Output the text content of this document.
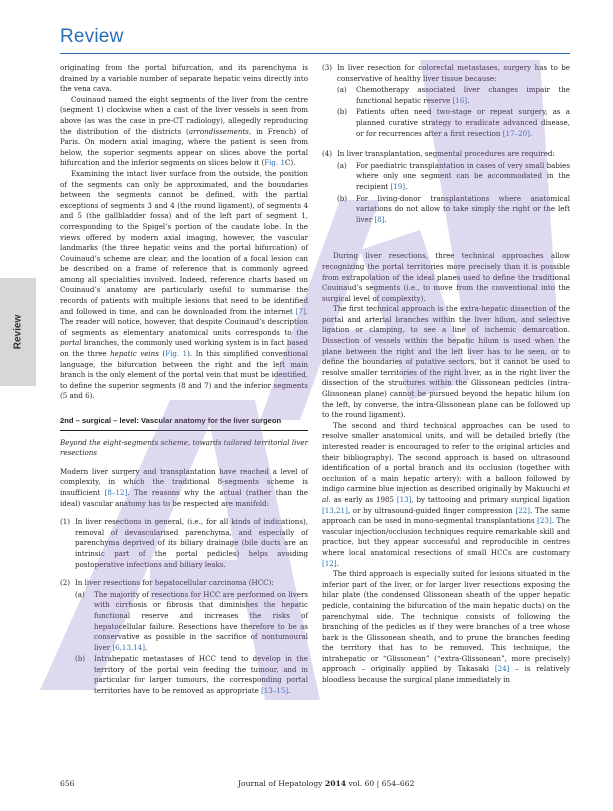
Review
Review

originating from the portal bifurcation, and its parenchyma is drained by a variable number of separate hepatic veins directly into the vena cava.

Couinaud named the eight segments of the liver from the centre (segment 1) clockwise when a cast of the liver vessels is seen from above (as was the case in pre-CT radiology), allegedly reproducing the distribution of the districts (arrondissements, in French) of Paris. On modern axial imaging, where the patient is seen from below, the superior segments appear on slices above the portal bifurcation and the inferior segments on slices below it (Fig. 1C).

Examining the intact liver surface from the outside, the position of the segments can only be approximated, and the boundaries between the segments cannot be defined, with the partial exceptions of segments 3 and 4 (the round ligament), of segments 4 and 5 (the gallbladder fossa) and of the left part of segment 1, corresponding to the Spigel’s portion of the caudate lobe. In the views offered by modern axial imaging, however, the vascular landmarks (the three hepatic veins and the portal bifurcation) of Couinaud’s scheme are clear, and the location of a focal lesion can be described on a frame of reference that is commonly agreed among all specialities involved. Indeed, reference charts based on Couinaud’s anatomy are particularly useful to summarise the records of patients with multiple lesions that need to be identified and followed in time, and can be downloaded from the internet [7]. The reader will notice, however, that despite Couinaud’s description of segments as elementary anatomical units corresponds to the portal branches, the commonly used working system is in fact based on the three hepatic veins (Fig. 1). In this simplified conventional language, the bifurcation between the right and the left main branch is the only element of the portal vein that must be identified, to define the superior segments (8 and 7) and the inferior segments (5 and 6).

2nd – surgical – level: Vascular anatomy for the liver surgeon

Beyond the eight-segments scheme, towards tailored territorial liver resections

Modern liver surgery and transplantation have reached a level of complexity, in which the traditional 8-segments scheme is insufficient [8–12]. The reasons why the actual (rather than the ideal) vascular anatomy has to be respected are manifold:

(1) In liver resections in general, (i.e., for all kinds of indications), removal of devascularised parenchyma, and especially of parenchyma deprived of its biliary drainage (bile ducts are an intrinsic part of the portal pedicles) helps avoiding postoperative infections and biliary leaks.

(2) In liver resections for hepatocellular carcinoma (HCC):

(a)	The majority of resections for HCC are performed on livers with cirrhosis or fibrosis that diminishes the hepatic functional reserve and increases the risks of hepatocellular failure. Resections have therefore to be as conservative as possible in the sacrifice of nontumoural liver [6,13,14].
(b)	Intrahepatic metastases of HCC tend to develop in the territory of the portal vein feeding the tumour, and in particular for larger tumours, the corresponding portal territories have to be removed as appropriate [13–15].
(3) In liver resection for colorectal metastases, surgery has to be conservative of healthy liver tissue because:

(a)	Chemotherapy associated liver changes impair the functional hepatic reserve [16].
(b)	Patients often need two-stage or repeat surgery, as a planned curative strategy to eradicate advanced disease, or for recurrences after a first resection [17–20].
(4) In liver transplantation, segmental procedures are required:

(a)	For paediatric transplantation in cases of very small babies where only one segment can be accommodated in the recipient [19].
(b)	For living-donor transplantations where anatomical variations do not allow to take simply the right or the left liver [8].

During liver resections, three technical approaches allow recognizing the portal territories more precisely than it is possible from extrapolation of the ideal planes used to define the traditional Couinaud’s segments (i.e., to move from the conventional into the surgical level of complexity).

The first technical approach is the extra-hepatic dissection of the portal and arterial branches within the liver hilum, and selective ligation or clamping, to see a line of ischemic demarcation. Dissection of vessels within the hepatic hilum is used when the plane between the right and the left liver has to be seen, or to define the boundaries of putative sectors, but it cannot be used to resolve smaller territories of the right liver, as in the right liver the dissection of the structures within the Glissonean pedicles (intra-Glissonean plane) cannot be pursued beyond the hepatic hilum (on the left, by converse, the intra-Glissonean plane can be followed up to the round ligament).

The second and third technical approaches can be used to resolve smaller anatomical units, and will be detailed briefly (the interested reader is encouraged to refer to the original articles and their bibliography). The second approach is based on ultrasound identification of a portal branch and its occlusion (together with occlusion of a main hepatic artery): with a balloon followed by indigo carmine blue injection as described originally by Makuuchi et al. as early as 1985 [13], by tattooing and primary surgical ligation [13,21], or by ultrasound-guided finger compression [22]. The same approach can be used in mono-segmental transplantations [23]. The vascular injection/occlusion techniques require remarkable skill and practice, but they appear successful and reproducible in centres where local anatomical resections of small HCCs are customary [12].

The third approach is especially suited for lesions situated in the inferior part of the liver, or for larger liver resections exposing the hilar plate (the condensed Glissonean sheath of the upper hepatic pedicle, containing the bifurcation of the main hepatic ducts) on the parenchymal side. The technique consists of following the branching of the pedicles as if they were branches of a tree whose bark is the Glissonean sheath, and to prune the branches feeding the territory that has to be removed. This technique, the intrahepatic or “Glissonean” (“extra-Glissonean”, more precisely) approach – originally applied by Takasaki [24] – is relatively bloodless because the surgical plane immediately in

656	Journal of Hepatology 2014 vol. 60 | 654–662
